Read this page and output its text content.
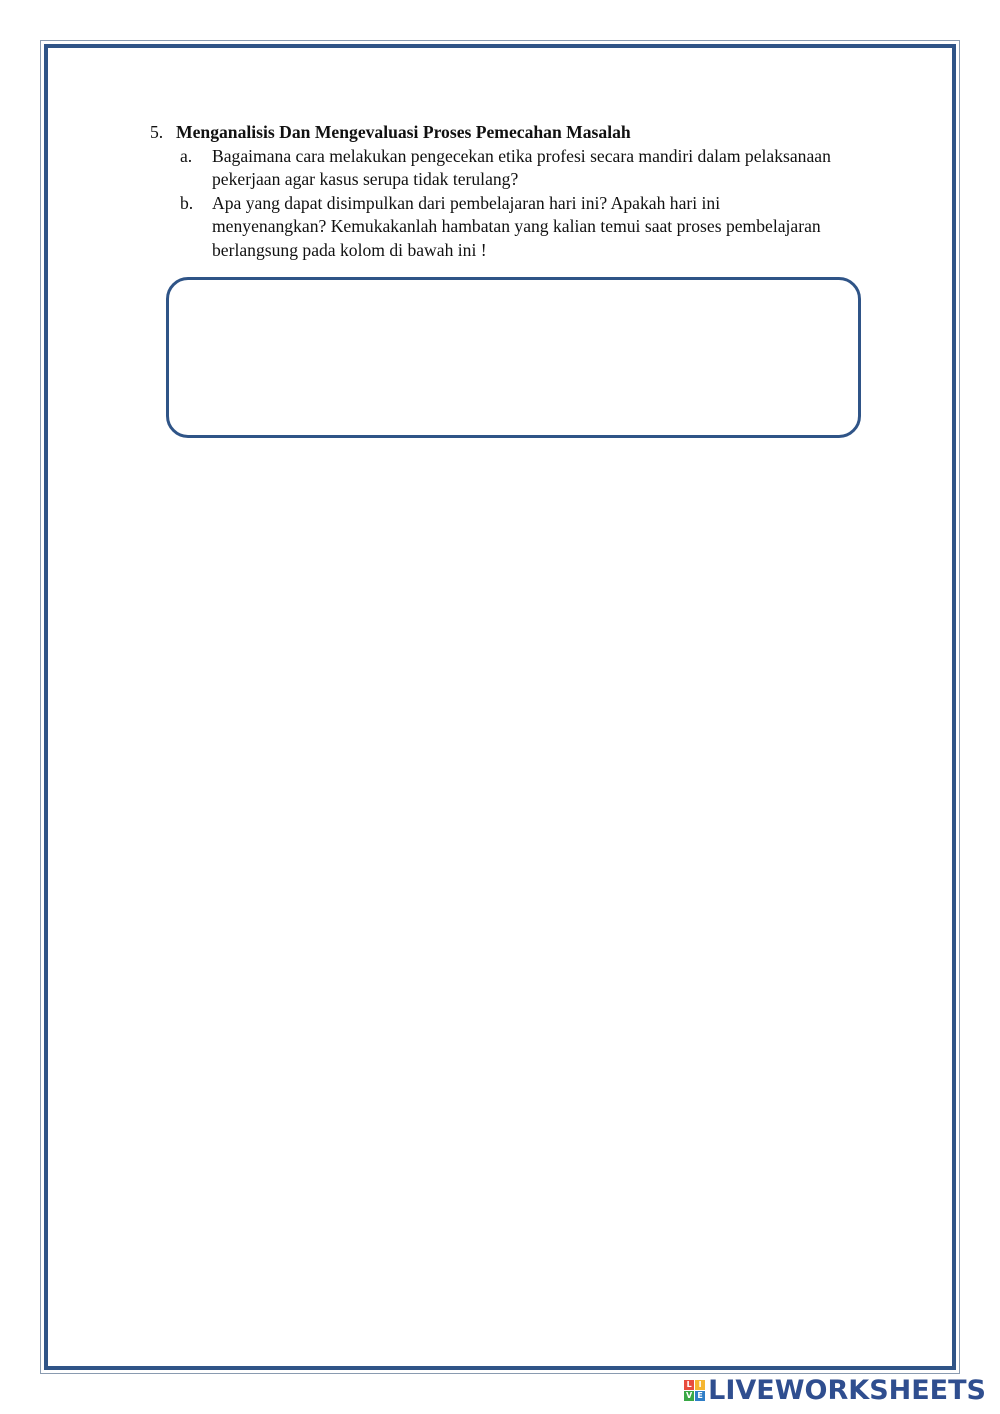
5. Menganalisis Dan Mengevaluasi Proses Pemecahan Masalah
a.	Bagaimana cara melakukan pengecekan etika profesi secara mandiri dalam pelaksanaan pekerjaan agar kasus serupa tidak terulang?
b.	Apa yang dapat disimpulkan dari pembelajaran hari ini? Apakah hari ini menyenangkan? Kemukakanlah hambatan yang kalian temui saat proses pembelajaran berlangsung pada kolom di bawah ini !
L I
V E LIVEWORKSHEETS
